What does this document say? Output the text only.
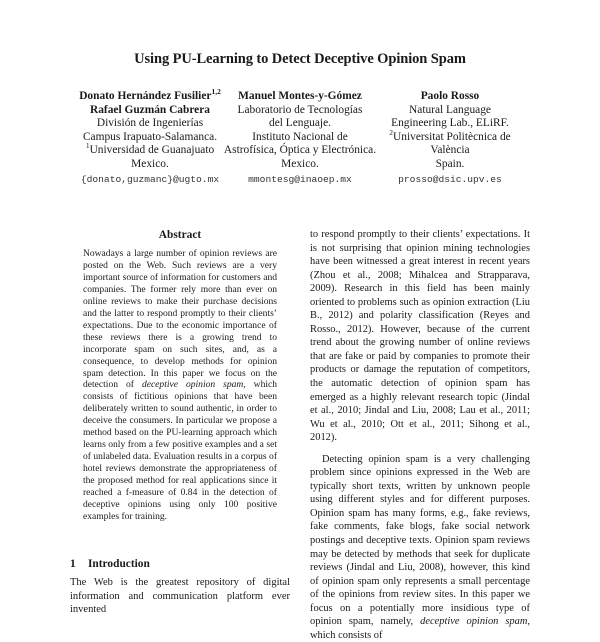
Using PU-Learning to Detect Deceptive Opinion Spam
Donato Hernández Fusilier$^{1,2}$
Rafael Guzmán Cabrera
División de Ingenierías
Campus Irapuato-Salamanca.
$^1$Universidad de Guanajuato
Mexico.
{donato,guzmanc}@ugto.mx
Manuel Montes-y-Gómez
Laboratorio de Tecnologías
del Lenguaje.
Instituto Nacional de
Astrofísica, Óptica y Electrónica.
Mexico.
mmontesg@inaoep.mx
Paolo Rosso
Natural Language
Engineering Lab., ELiRF.
$^2$Universitat Politècnica de
València
Spain.
prosso@dsic.upv.es
Abstract

Nowadays a large number of opinion reviews are posted on the Web. Such reviews are a very important source of information for customers and companies. The former rely more than ever on online reviews to make their purchase decisions and the latter to respond promptly to their clients’ expectations. Due to the economic importance of these reviews there is a growing trend to incorporate spam on such sites, and, as a consequence, to develop methods for opinion spam detection. In this paper we focus on the detection of deceptive opinion spam, which consists of fictitious opinions that have been deliberately written to sound authentic, in order to deceive the consumers. In particular we propose a method based on the PU-learning approach which learns only from a few positive examples and a set of unlabeled data. Evaluation results in a corpus of hotel reviews demonstrate the appropriateness of the proposed method for real applications since it reached a f-measure of 0.84 in the detection of deceptive opinions using only 100 positive examples for training.

1 Introduction

The Web is the greatest repository of digital information and communication platform ever invented

to respond promptly to their clients’ expectations. It is not surprising that opinion mining technologies have been witnessed a great interest in recent years (Zhou et al., 2008; Mihalcea and Strapparava, 2009). Research in this field has been mainly oriented to problems such as opinion extraction (Liu B., 2012) and polarity classification (Reyes and Rosso., 2012). However, because of the current trend about the growing number of online reviews that are fake or paid by companies to promote their products or damage the reputation of competitors, the automatic detection of opinion spam has emerged as a highly relevant research topic (Jindal et al., 2010; Jindal and Liu, 2008; Lau et al., 2011; Wu et al., 2010; Ott et al., 2011; Sihong et al., 2012).

Detecting opinion spam is a very challenging problem since opinions expressed in the Web are typically short texts, written by unknown people using different styles and for different purposes. Opinion spam has many forms, e.g., fake reviews, fake comments, fake blogs, fake social network postings and deceptive texts. Opinion spam reviews may be detected by methods that seek for duplicate reviews (Jindal and Liu, 2008), however, this kind of opinion spam only represents a small percentage of the opinions from review sites. In this paper we focus on a potentially more insidious type of opinion spam, namely, deceptive opinion spam, which consists of
